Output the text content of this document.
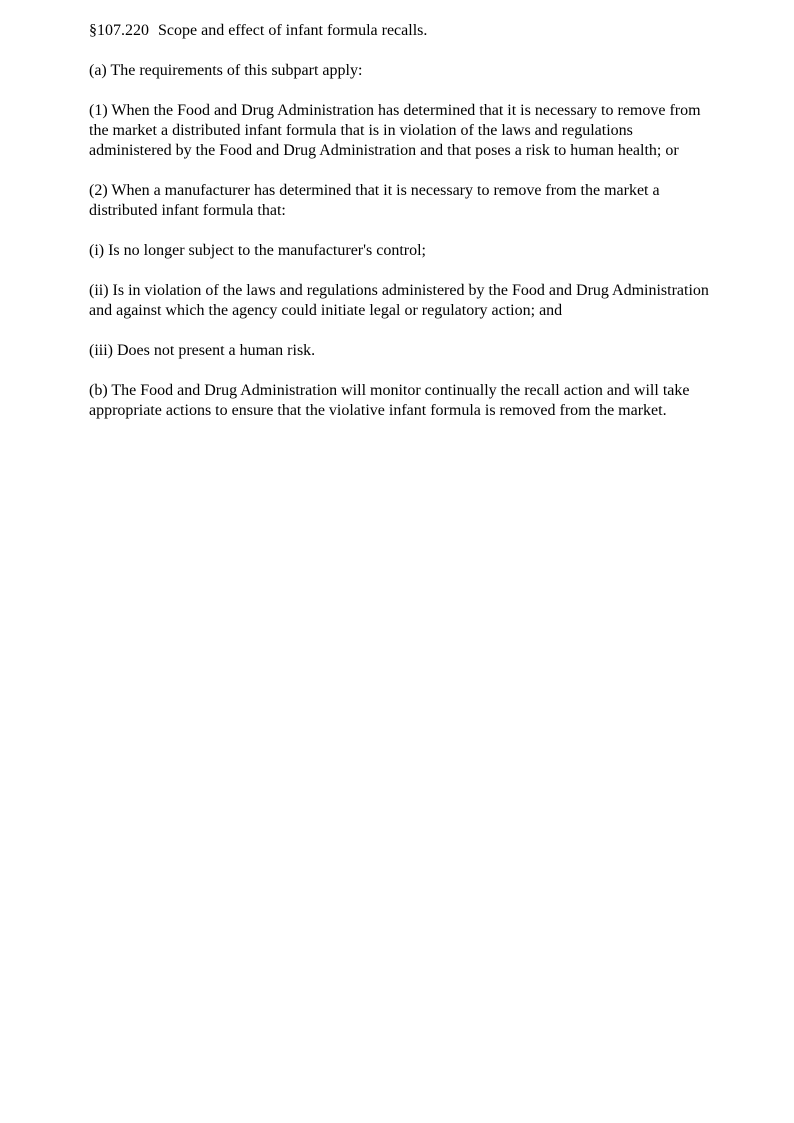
§107.220 Scope and effect of infant formula recalls.

(a) The requirements of this subpart apply:

(1) When the Food and Drug Administration has determined that it is necessary to remove from the market a distributed infant formula that is in violation of the laws and regulations administered by the Food and Drug Administration and that poses a risk to human health; or

(2) When a manufacturer has determined that it is necessary to remove from the market a distributed infant formula that:

(i) Is no longer subject to the manufacturer's control;

(ii) Is in violation of the laws and regulations administered by the Food and Drug Administration and against which the agency could initiate legal or regulatory action; and

(iii) Does not present a human risk.

(b) The Food and Drug Administration will monitor continually the recall action and will take appropriate actions to ensure that the violative infant formula is removed from the market.
